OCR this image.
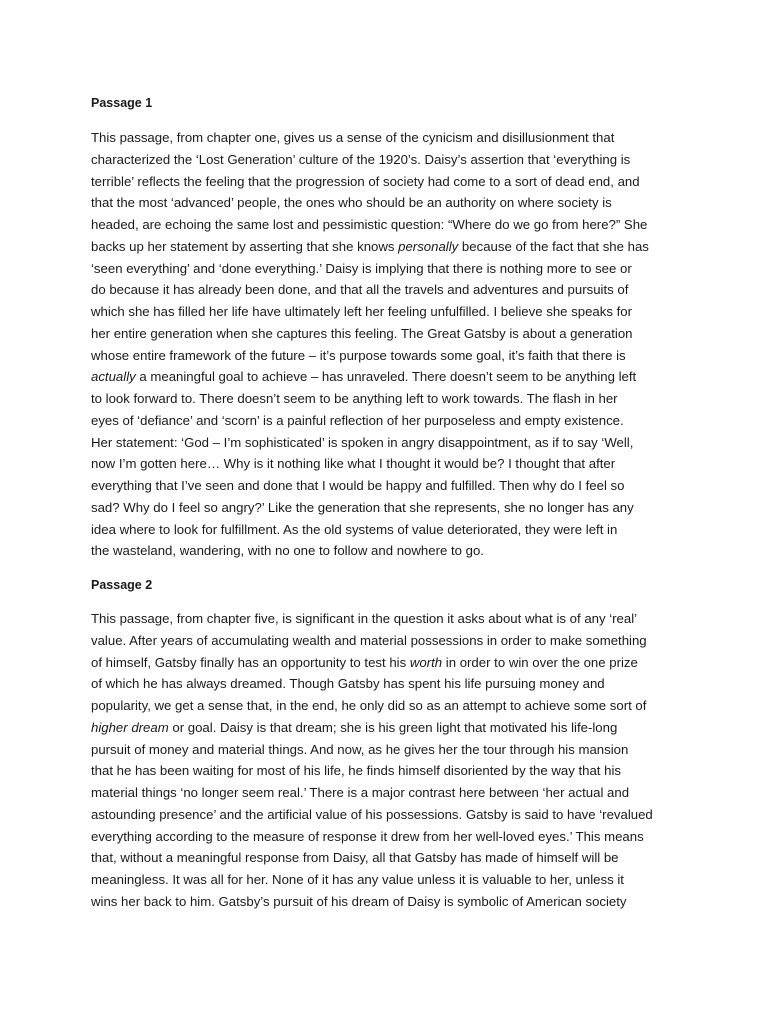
Passage 1
This passage, from chapter one, gives us a sense of the cynicism and disillusionment that
characterized the ‘Lost Generation’ culture of the 1920’s. Daisy’s assertion that ‘everything is
terrible’ reflects the feeling that the progression of society had come to a sort of dead end, and
that the most ‘advanced’ people, the ones who should be an authority on where society is
headed, are echoing the same lost and pessimistic question: “Where do we go from here?” She
backs up her statement by asserting that she knows personally because of the fact that she has
‘seen everything’ and ‘done everything.’ Daisy is implying that there is nothing more to see or
do because it has already been done, and that all the travels and adventures and pursuits of
which she has filled her life have ultimately left her feeling unfulfilled. I believe she speaks for
her entire generation when she captures this feeling. The Great Gatsby is about a generation
whose entire framework of the future – it’s purpose towards some goal, it’s faith that there is
actually a meaningful goal to achieve – has unraveled. There doesn’t seem to be anything left
to look forward to. There doesn’t seem to be anything left to work towards. The flash in her
eyes of ‘defiance’ and ‘scorn’ is a painful reflection of her purposeless and empty existence.
Her statement: ‘God – I’m sophisticated’ is spoken in angry disappointment, as if to say ‘Well,
now I’m gotten here… Why is it nothing like what I thought it would be? I thought that after
everything that I’ve seen and done that I would be happy and fulfilled. Then why do I feel so
sad? Why do I feel so angry?’ Like the generation that she represents, she no longer has any
idea where to look for fulfillment. As the old systems of value deteriorated, they were left in
the wasteland, wandering, with no one to follow and nowhere to go.
Passage 2
This passage, from chapter five, is significant in the question it asks about what is of any ‘real’
value. After years of accumulating wealth and material possessions in order to make something
of himself, Gatsby finally has an opportunity to test his worth in order to win over the one prize
of which he has always dreamed. Though Gatsby has spent his life pursuing money and
popularity, we get a sense that, in the end, he only did so as an attempt to achieve some sort of
higher dream or goal. Daisy is that dream; she is his green light that motivated his life-long
pursuit of money and material things. And now, as he gives her the tour through his mansion
that he has been waiting for most of his life, he finds himself disoriented by the way that his
material things ‘no longer seem real.’ There is a major contrast here between ‘her actual and
astounding presence’ and the artificial value of his possessions. Gatsby is said to have ‘revalued
everything according to the measure of response it drew from her well-loved eyes.’ This means
that, without a meaningful response from Daisy, all that Gatsby has made of himself will be
meaningless. It was all for her. None of it has any value unless it is valuable to her, unless it
wins her back to him. Gatsby’s pursuit of his dream of Daisy is symbolic of American society
